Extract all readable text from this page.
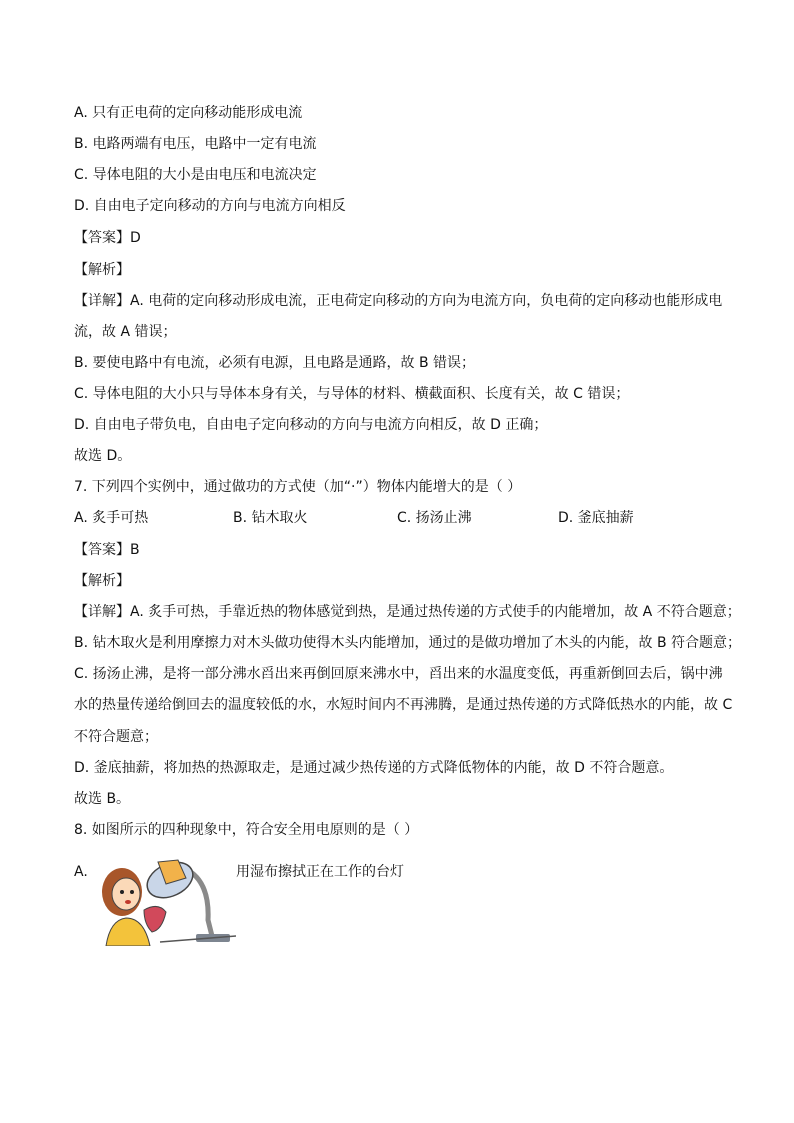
A. 只有正电荷的定向移动能形成电流
B. 电路两端有电压，电路中一定有电流
C. 导体电阻的大小是由电压和电流决定
D. 自由电子定向移动的方向与电流方向相反
【答案】D
【解析】
【详解】A. 电荷的定向移动形成电流，正电荷定向移动的方向为电流方向，负电荷的定向移动也能形成电
流，故 A 错误；
B. 要使电路中有电流，必须有电源，且电路是通路，故 B 错误；
C. 导体电阻的大小只与导体本身有关，与导体的材料、横截面积、长度有关，故 C 错误；
D. 自由电子带负电，自由电子定向移动的方向与电流方向相反，故 D 正确；
故选 D。
7. 下列四个实例中，通过做功的方式使（加“·”）物体内能增大的是（ ）
A. 炙手可热	B. 钻木取火	C. 扬汤止沸	D. 釜底抽薪
【答案】B
【解析】
【详解】A. 炙手可热，手靠近热的物体感觉到热，是通过热传递的方式使手的内能增加，故 A 不符合题意；
B. 钻木取火是利用摩擦力对木头做功使得木头内能增加，通过的是做功增加了木头的内能，故 B 符合题意；
C. 扬汤止沸，是将一部分沸水舀出来再倒回原来沸水中，舀出来的水温度变低，再重新倒回去后，锅中沸
水的热量传递给倒回去的温度较低的水，水短时间内不再沸腾，是通过热传递的方式降低热水的内能，故 C
不符合题意；
D. 釜底抽薪，将加热的热源取走，是通过减少热传递的方式降低物体的内能，故 D 不符合题意。
故选 B。
8. 如图所示的四种现象中，符合安全用电原则的是（ ）
A.	用湿布擦拭正在工作的台灯
